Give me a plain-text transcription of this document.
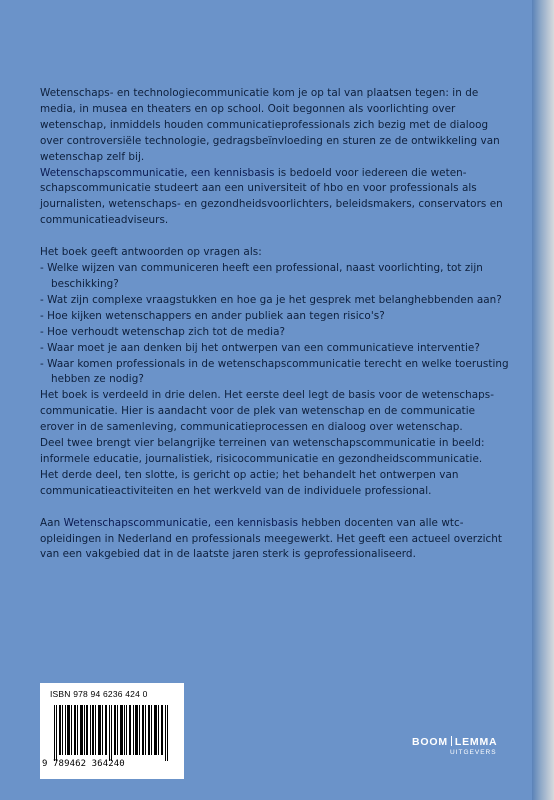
Wetenschaps- en technologiecommunicatie kom je op tal van plaatsen tegen: in de media, in musea en theaters en op school. Ooit begonnen als voorlichting over wetenschap, inmiddels houden communicatieprofessionals zich bezig met de dialoog over controversiële technologie, gedragsbeïnvloeding en sturen ze de ontwikkeling van wetenschap zelf bij.

Wetenschapscommunicatie, een kennisbasis is bedoeld voor iedereen die weten-schapscommunicatie studeert aan een universiteit of hbo en voor professionals als journalisten, wetenschaps- en gezondheidsvoorlichters, beleidsmakers, conservators en communicatieadviseurs.

Het boek geeft antwoorden op vragen als:

- Welke wijzen van communiceren heeft een professional, naast voorlichting, tot zijn beschikking?
- Wat zijn complexe vraagstukken en hoe ga je het gesprek met belanghebbenden aan?
- Hoe kijken wetenschappers en ander publiek aan tegen risico's?
- Hoe verhoudt wetenschap zich tot de media?
- Waar moet je aan denken bij het ontwerpen van een communicatieve interventie?
- Waar komen professionals in de wetenschapscommunicatie terecht en welke toerusting hebben ze nodig?

Het boek is verdeeld in drie delen. Het eerste deel legt de basis voor de wetenschaps-communicatie. Hier is aandacht voor de plek van wetenschap en de communicatie erover in de samenleving, communicatieprocessen en dialoog over wetenschap.

Deel twee brengt vier belangrijke terreinen van wetenschapscommunicatie in beeld: informele educatie, journalistiek, risicocommunicatie en gezondheidscommunicatie.

Het derde deel, ten slotte, is gericht op actie; het behandelt het ontwerpen van communicatieactiviteiten en het werkveld van de individuele professional.

Aan Wetenschapscommunicatie, een kennisbasis hebben docenten van alle wtc-opleidingen in Nederland en professionals meegewerkt. Het geeft een actueel overzicht van een vakgebied dat in de laatste jaren sterk is geprofessionaliseerd.

ISBN 978 94 6236 424 0
9 789462 364240
BOOM LEMMA
UITGEVERS
